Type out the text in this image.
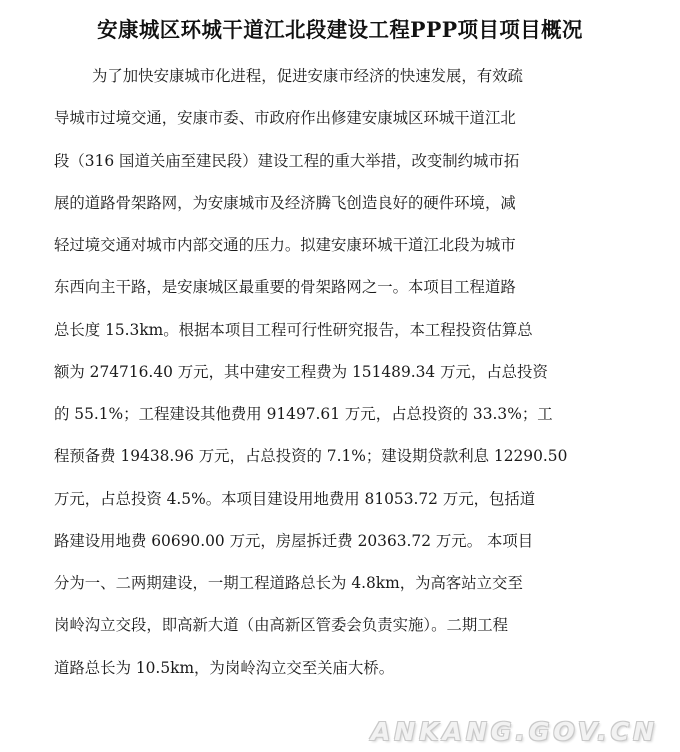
安康城区环城干道江北段建设工程PPP项目项目概况
为了加快安康城市化进程，促进安康市经济的快速发展，有效疏
导城市过境交通，安康市委、市政府作出修建安康城区环城干道江北
段（316 国道关庙至建民段）建设工程的重大举措，改变制约城市拓
展的道路骨架路网，为安康城市及经济腾飞创造良好的硬件环境，减
轻过境交通对城市内部交通的压力。拟建安康环城干道江北段为城市
东西向主干路，是安康城区最重要的骨架路网之一。本项目工程道路
总长度 15.3km。根据本项目工程可行性研究报告，本工程投资估算总
额为 274716.40 万元，其中建安工程费为 151489.34 万元，占总投资
的 55.1%；工程建设其他费用 91497.61 万元，占总投资的 33.3%；工
程预备费 19438.96 万元，占总投资的 7.1%；建设期贷款利息 12290.50
万元，占总投资 4.5%。本项目建设用地费用 81053.72 万元，包括道
路建设用地费 60690.00 万元，房屋拆迁费 20363.72 万元。 本项目
分为一、二两期建设，一期工程道路总长为 4.8km，为高客站立交至
岗岭沟立交段，即高新大道（由高新区管委会负责实施）。二期工程
道路总长为 10.5km，为岗岭沟立交至关庙大桥。
ANKANG.GOV.CN
